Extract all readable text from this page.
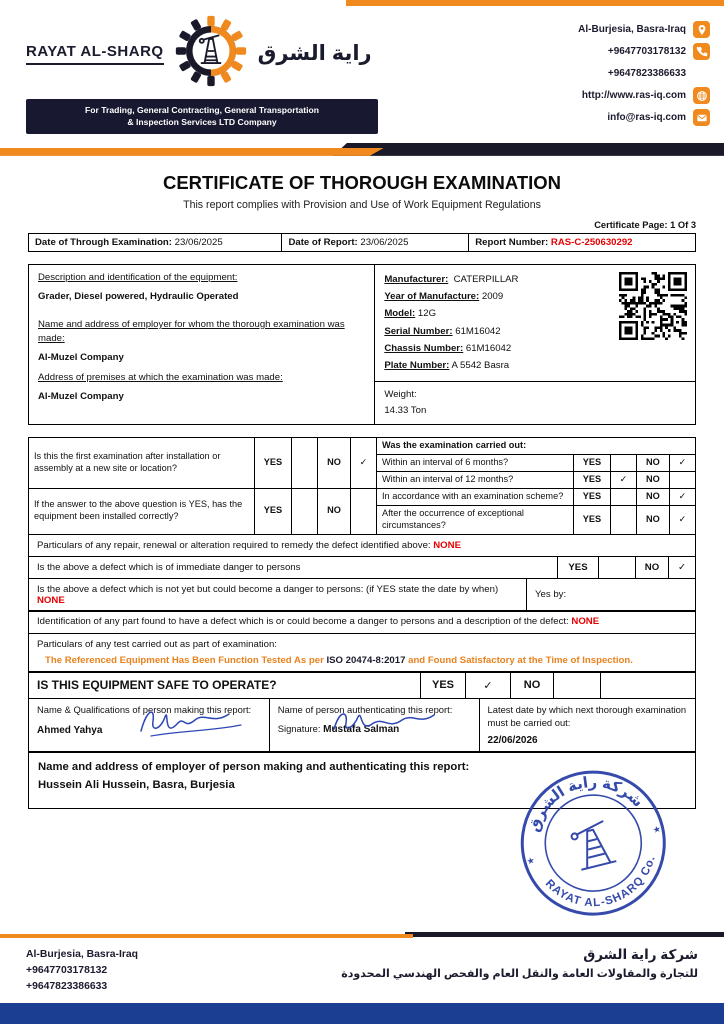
RAYAT AL-SHARQ	راية الشرق
For Trading, General Contracting, General Transportation
& Inspection Services LTD Company
Al-Burjesia, Basra-Iraq
+9647703178132
+9647823386633
http://www.ras-iq.com
info@ras-iq.com
CERTIFICATE OF THOROUGH EXAMINATION
This report complies with Provision and Use of Work Equipment Regulations
Certificate Page: 1 Of 3
Date of Through Examination: 23/06/2025	Date of Report: 23/06/2025	Report Number: RAS-C-250630292
Description and identification of the equipment:
Grader, Diesel powered, Hydraulic Operated
Name and address of employer for whom the thorough examination was made:
Al-Muzel Company
Address of premises at which the examination was made:
Al-Muzel Company
Manufacturer: CATERPILLAR
Year of Manufacture: 2009
Model: 12G
Serial Number: 61M16042
Chassis Number: 61M16042
Plate Number: A 5542 Basra
Weight:
14.33 Ton
Is this the first examination after installation or assembly at a new site or location?	YES		NO	✓	Was the examination carried out:				
					Within an interval of 6 months?	YES		NO	✓
					Within an interval of 12 months?	YES	✓	NO	
If the answer to the above question is YES, has the equipment been installed correctly?	YES		NO		In accordance with an examination scheme?	YES		NO	✓
					After the occurrence of exceptional circumstances?	YES		NO	✓
Particulars of any repair, renewal or alteration required to remedy the defect identified above: NONE
Is the above a defect which is of immediate danger to persons	YES	NO	✓
Is the above a defect which is not yet but could become a danger to persons: (if YES state the date by when) NONE	Yes by:
Identification of any part found to have a defect which is or could become a danger to persons and a description of the defect: NONE
Particulars of any test carried out as part of examination:
The Referenced Equipment Has Been Function Tested As per ISO 20474-8:2017 and Found Satisfactory at the Time of Inspection.
IS THIS EQUIPMENT SAFE TO OPERATE?	YES	✓	NO
Name & Qualifications of person making this report:
Ahmed Yahya
Name of person authenticating this report:
Signature: Mustafa Salman
Latest date by which next thorough examination must be carried out:
22/06/2026
Name and address of employer of person making and authenticating this report:
Hussein Ali Hussein, Basra, Burjesia
شركة راية الشرق
RAYAT AL-SHARQ Co.
★
★
Al-Burjesia, Basra-Iraq
+9647703178132
+9647823386633
شركة راية الشرق
للتجارة والمقاولات العامة والنقل العام والفحص الهندسي المحدودة
